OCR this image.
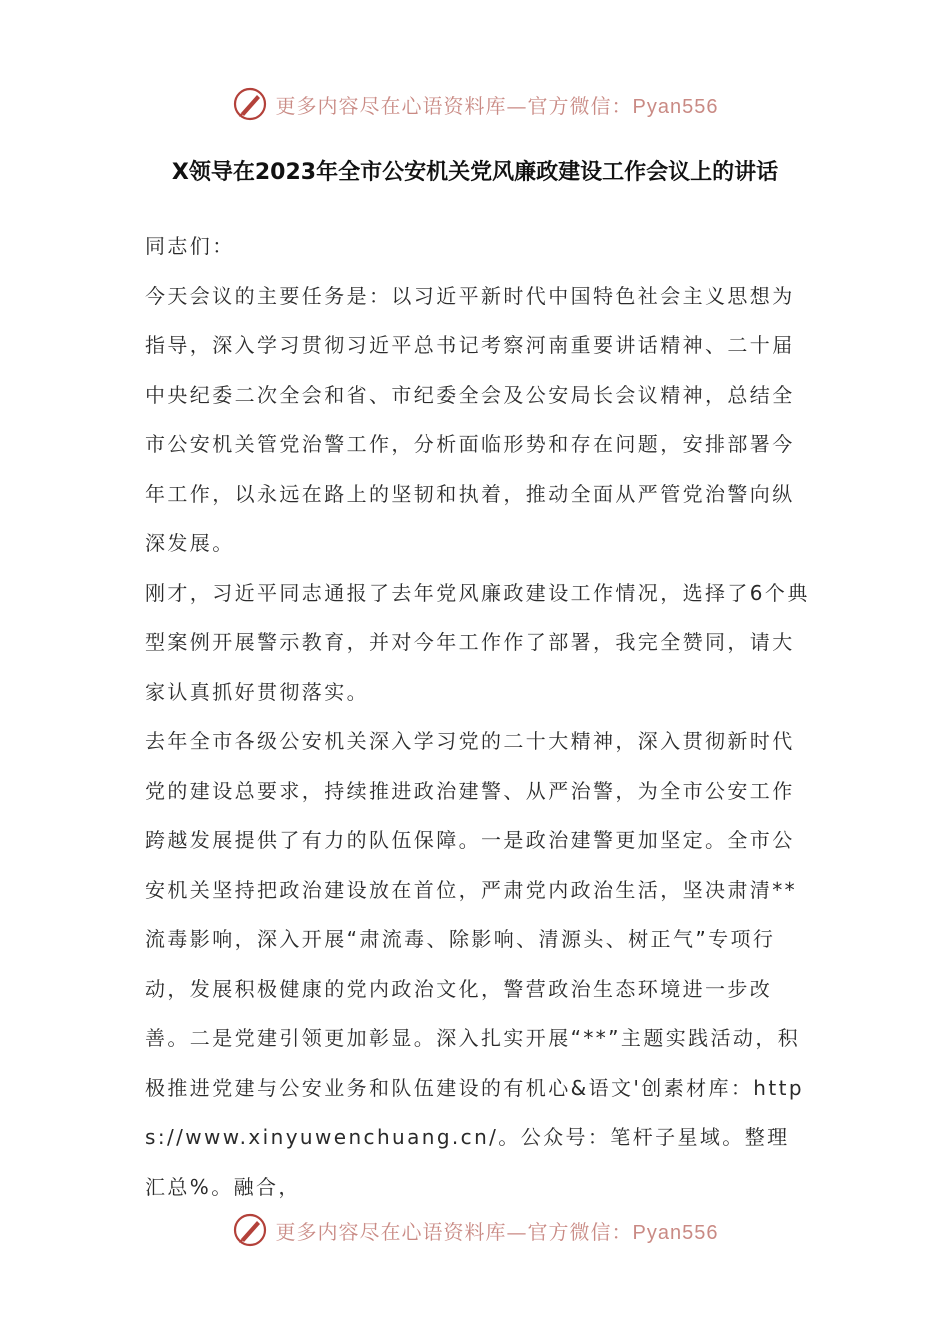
更多内容尽在心语资料库—官方微信：Pyan556
X领导在2023年全市公安机关党风廉政建设工作会议上的讲话

同志们：

今天会议的主要任务是：以习近平新时代中国特色社会主义思想为指导，深入学习贯彻习近平总书记考察河南重要讲话精神、二十届中央纪委二次全会和省、市纪委全会及公安局长会议精神，总结全市公安机关管党治警工作，分析面临形势和存在问题，安排部署今年工作，以永远在路上的坚韧和执着，推动全面从严管党治警向纵深发展。

刚才，习近平同志通报了去年党风廉政建设工作情况，选择了6个典型案例开展警示教育，并对今年工作作了部署，我完全赞同，请大家认真抓好贯彻落实。

去年全市各级公安机关深入学习党的二十大精神，深入贯彻新时代党的建设总要求，持续推进政治建警、从严治警，为全市公安工作跨越发展提供了有力的队伍保障。一是政治建警更加坚定。全市公安机关坚持把政治建设放在首位，严肃党内政治生活，坚决肃清**流毒影响，深入开展“肃流毒、除影响、清源头、树正气”专项行动，发展积极健康的党内政治文化，警营政治生态环境进一步改善。二是党建引领更加彰显。深入扎实开展“**”主题实践活动，积极推进党建与公安业务和队伍建设的有机心&语文'创素材库：https://www.xinyuwenchuang.cn/。公众号：笔杆子星域。整理汇总%。融合，

更多内容尽在心语资料库—官方微信：Pyan556
